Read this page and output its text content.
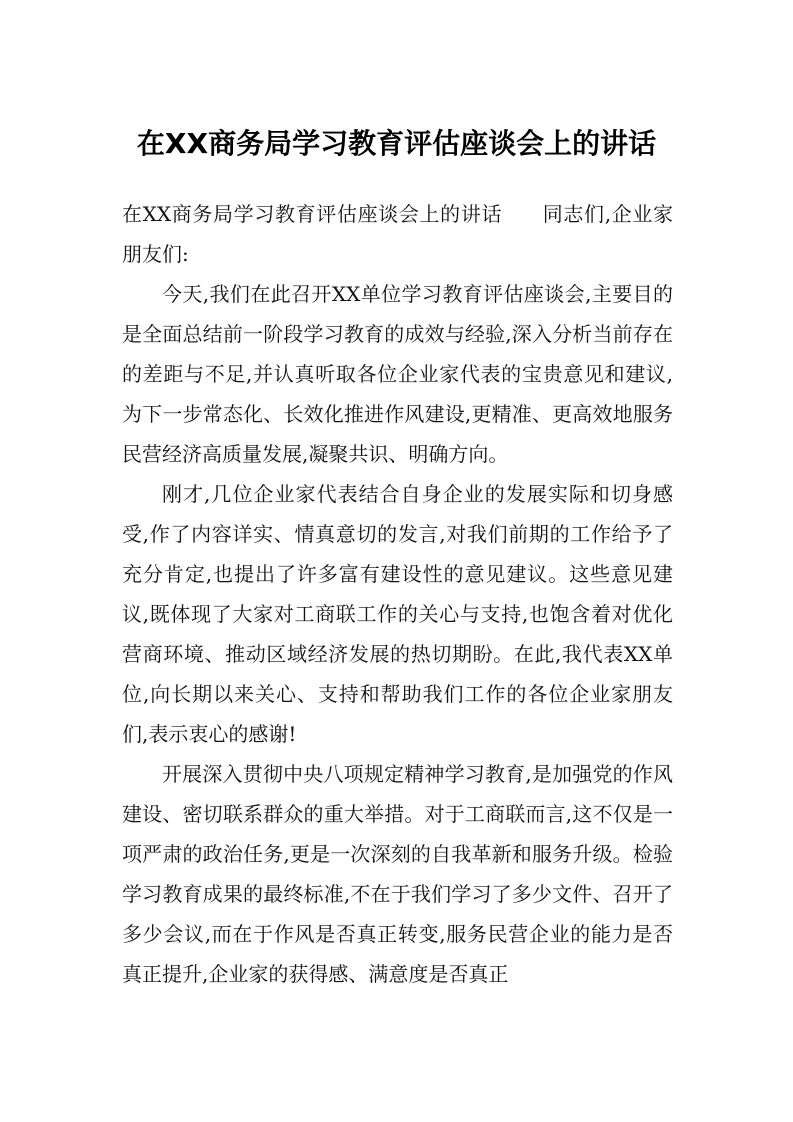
在XX商务局学习教育评估座谈会上的讲话

在XX商务局学习教育评估座谈会上的讲话 同志们,企业家朋友们:

今天,我们在此召开XX单位学习教育评估座谈会,主要目的是全面总结前一阶段学习教育的成效与经验,深入分析当前存在的差距与不足,并认真听取各位企业家代表的宝贵意见和建议,为下一步常态化、长效化推进作风建设,更精准、更高效地服务民营经济高质量发展,凝聚共识、明确方向。

刚才,几位企业家代表结合自身企业的发展实际和切身感受,作了内容详实、情真意切的发言,对我们前期的工作给予了充分肯定,也提出了许多富有建设性的意见建议。这些意见建议,既体现了大家对工商联工作的关心与支持,也饱含着对优化营商环境、推动区域经济发展的热切期盼。在此,我代表XX单位,向长期以来关心、支持和帮助我们工作的各位企业家朋友们,表示衷心的感谢!

开展深入贯彻中央八项规定精神学习教育,是加强党的作风建设、密切联系群众的重大举措。对于工商联而言,这不仅是一项严肃的政治任务,更是一次深刻的自我革新和服务升级。检验学习教育成果的最终标准,不在于我们学习了多少文件、召开了多少会议,而在于作风是否真正转变,服务民营企业的能力是否真正提升,企业家的获得感、满意度是否真正
